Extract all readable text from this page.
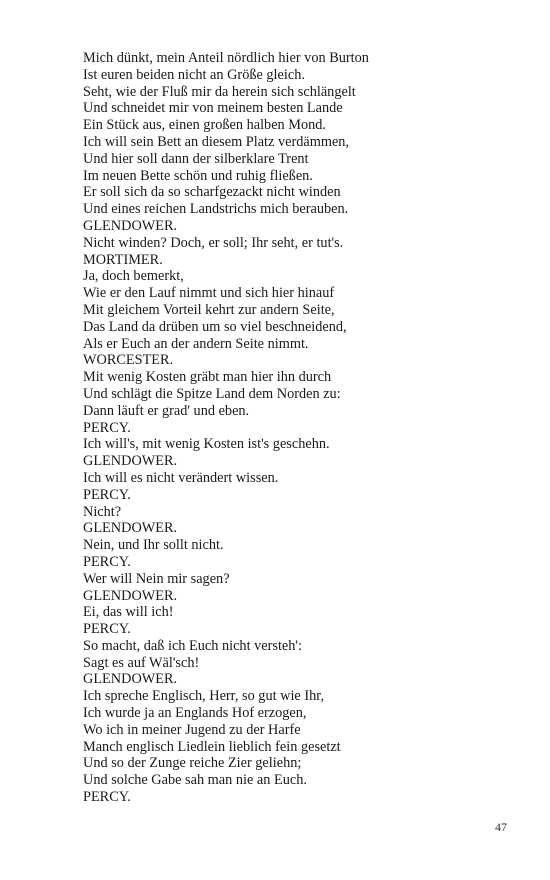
Mich dünkt, mein Anteil nördlich hier von Burton
Ist euren beiden nicht an Größe gleich.
Seht, wie der Fluß mir da herein sich schlängelt
Und schneidet mir von meinem besten Lande
Ein Stück aus, einen großen halben Mond.
Ich will sein Bett an diesem Platz verdämmen,
Und hier soll dann der silberklare Trent
Im neuen Bette schön und ruhig fließen.
Er soll sich da so scharfgezackt nicht winden
Und eines reichen Landstrichs mich berauben.
GLENDOWER.
Nicht winden? Doch, er soll; Ihr seht, er tut's.
MORTIMER.
Ja, doch bemerkt,
Wie er den Lauf nimmt und sich hier hinauf
Mit gleichem Vorteil kehrt zur andern Seite,
Das Land da drüben um so viel beschneidend,
Als er Euch an der andern Seite nimmt.
WORCESTER.
Mit wenig Kosten gräbt man hier ihn durch
Und schlägt die Spitze Land dem Norden zu:
Dann läuft er grad' und eben.
PERCY.
Ich will's, mit wenig Kosten ist's geschehn.
GLENDOWER.
Ich will es nicht verändert wissen.
PERCY.
Nicht?
GLENDOWER.
Nein, und Ihr sollt nicht.
PERCY.
Wer will Nein mir sagen?
GLENDOWER.
Ei, das will ich!
PERCY.
So macht, daß ich Euch nicht versteh':
Sagt es auf Wäl'sch!
GLENDOWER.
Ich spreche Englisch, Herr, so gut wie Ihr,
Ich wurde ja an Englands Hof erzogen,
Wo ich in meiner Jugend zu der Harfe
Manch englisch Liedlein lieblich fein gesetzt
Und so der Zunge reiche Zier geliehn;
Und solche Gabe sah man nie an Euch.
PERCY.
47
